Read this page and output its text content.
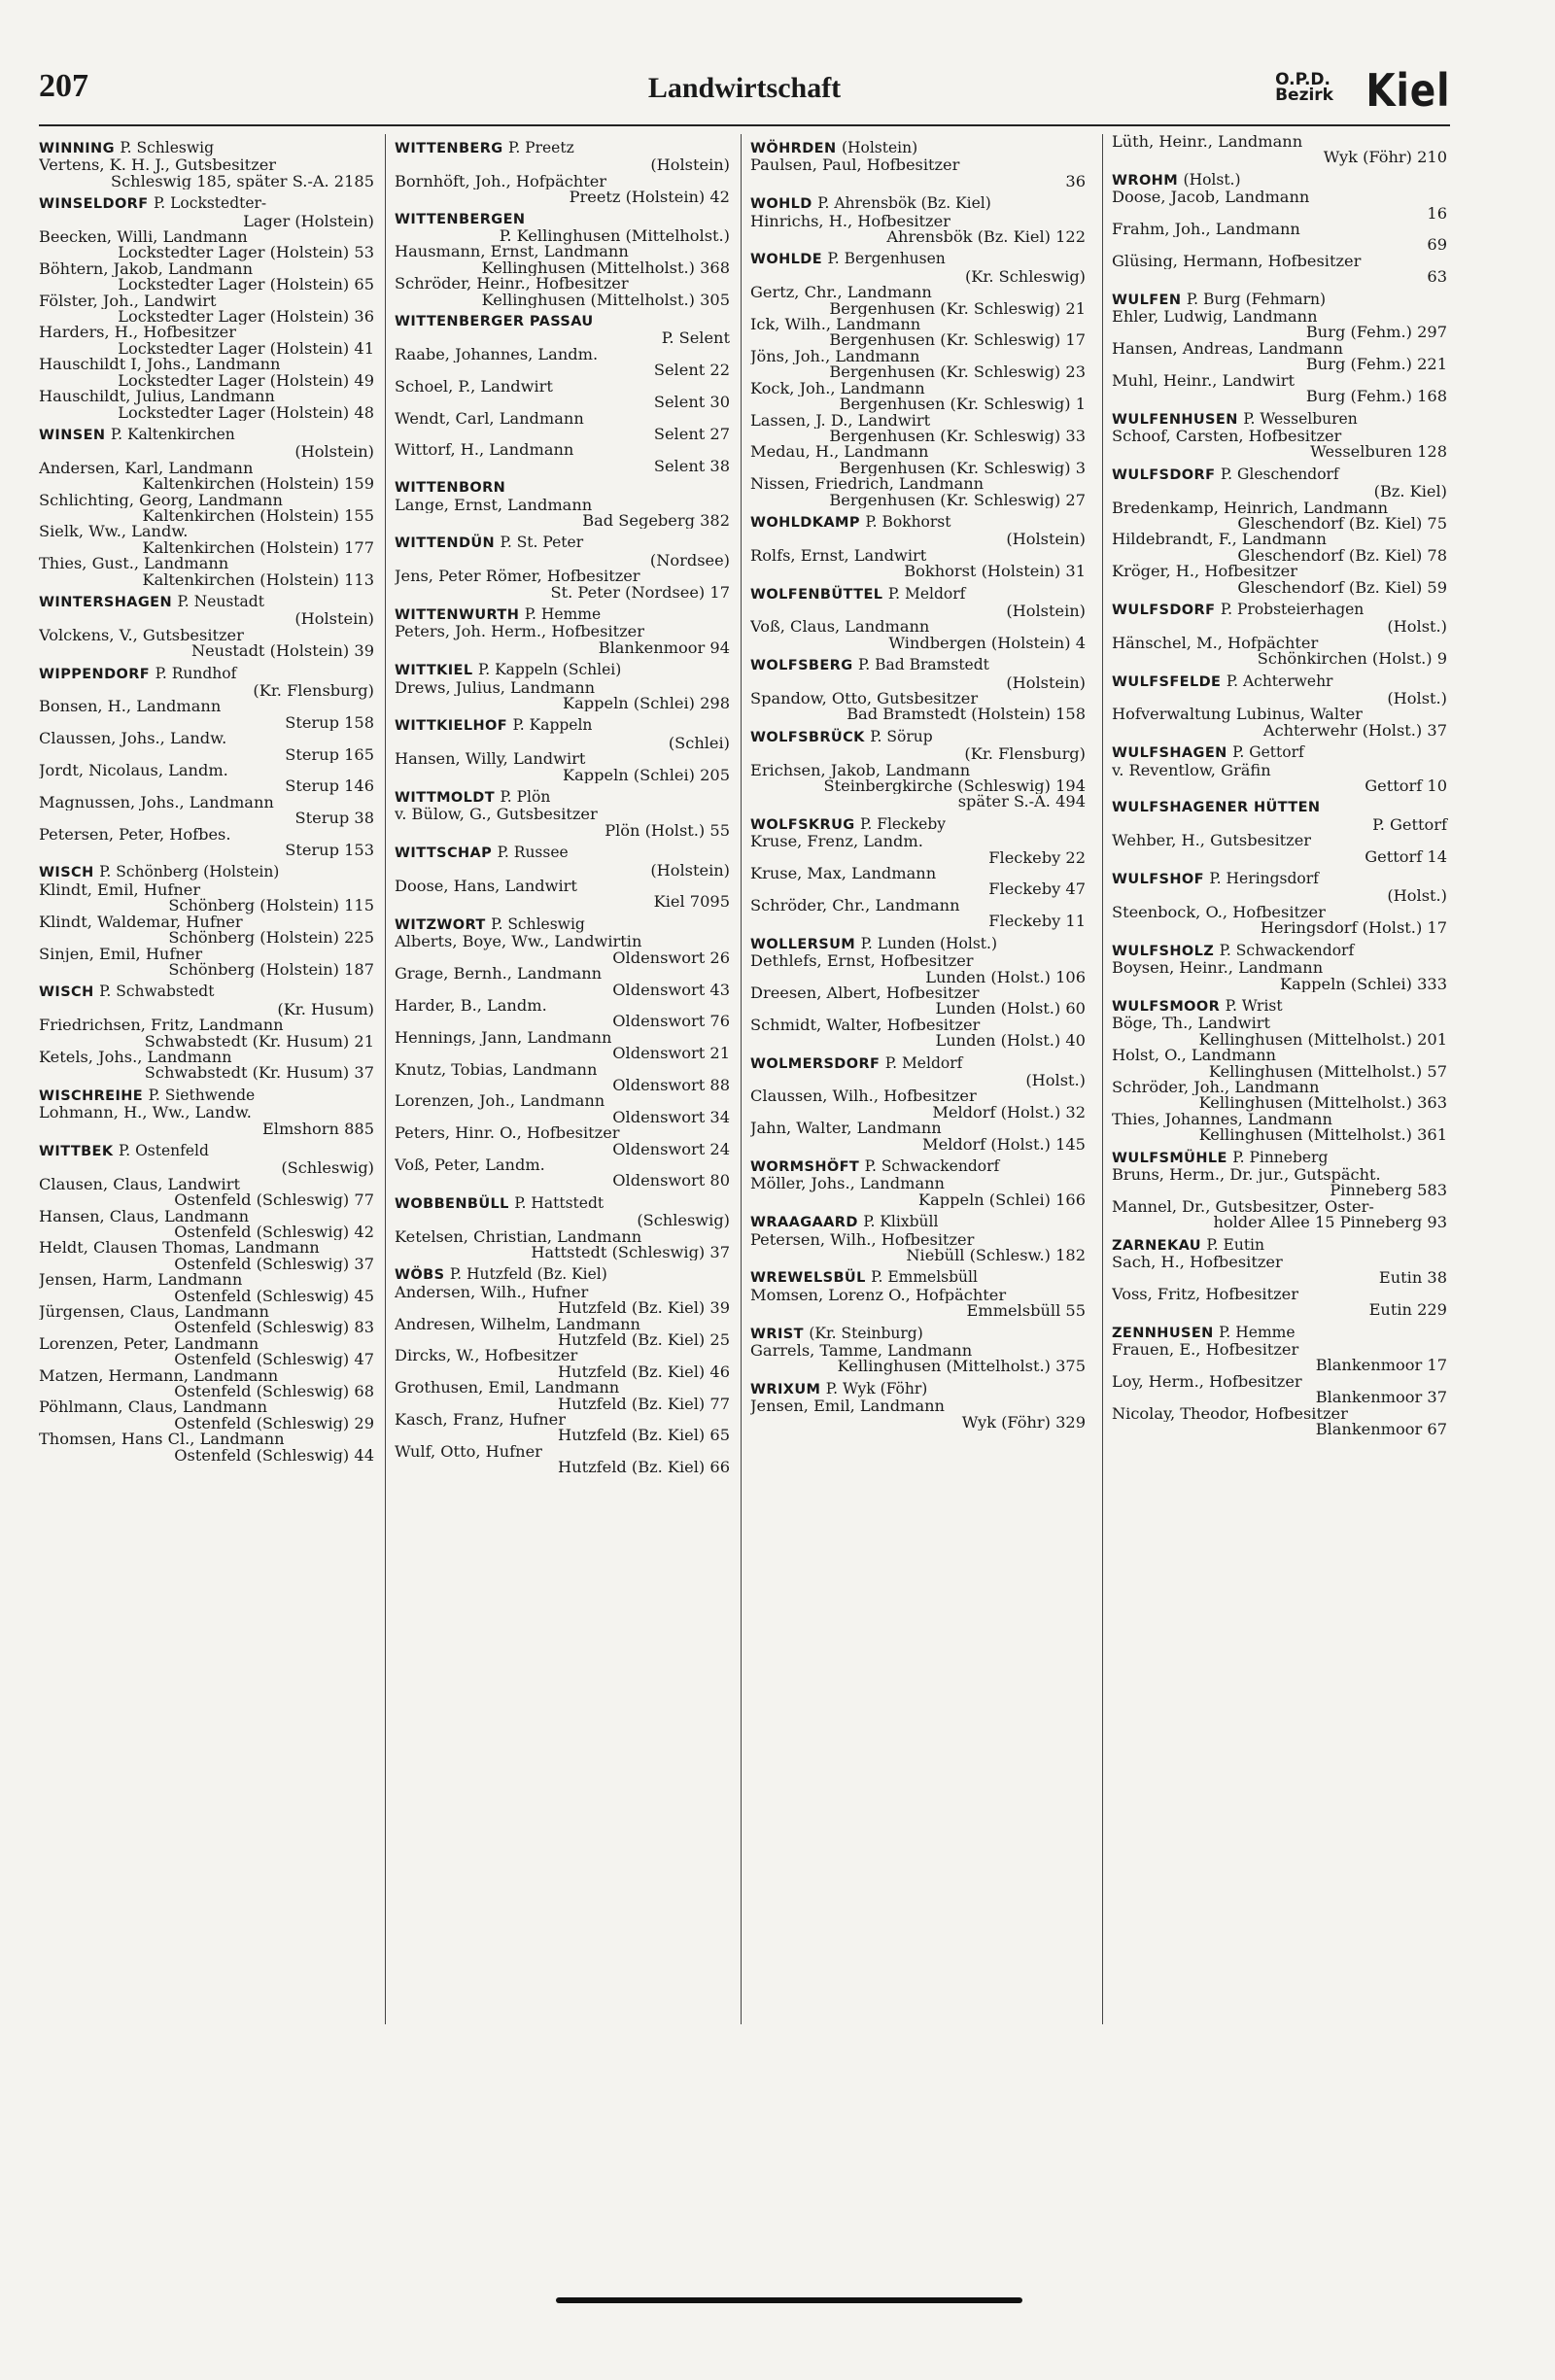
207	Landwirtschaft	O.P.D.
Bezirk Kiel
WINNING P. Schleswig
Vertens, K. H. J., Gutsbesitzer
Schleswig 185, später S.-A. 2185
WINSELDORF P. Lockstedter-
Lager (Holstein)
Beecken, Willi, Landmann
Lockstedter Lager (Holstein) 53
Böhtern, Jakob, Landmann
Lockstedter Lager (Holstein) 65
Fölster, Joh., Landwirt
Lockstedter Lager (Holstein) 36
Harders, H., Hofbesitzer
Lockstedter Lager (Holstein) 41
Hauschildt I, Johs., Landmann
Lockstedter Lager (Holstein) 49
Hauschildt, Julius, Landmann
Lockstedter Lager (Holstein) 48
WINSEN P. Kaltenkirchen
(Holstein)
Andersen, Karl, Landmann
Kaltenkirchen (Holstein) 159
Schlichting, Georg, Landmann
Kaltenkirchen (Holstein) 155
Sielk, Ww., Landw.
Kaltenkirchen (Holstein) 177
Thies, Gust., Landmann
Kaltenkirchen (Holstein) 113
WINTERSHAGEN P. Neustadt
(Holstein)
Volckens, V., Gutsbesitzer
Neustadt (Holstein) 39
WIPPENDORF P. Rundhof
(Kr. Flensburg)
Bonsen, H., Landmann
Sterup 158
Claussen, Johs., Landw.
Sterup 165
Jordt, Nicolaus, Landm.
Sterup 146
Magnussen, Johs., Landmann
Sterup 38
Petersen, Peter, Hofbes.
Sterup 153
WISCH P. Schönberg (Holstein)
Klindt, Emil, Hufner
Schönberg (Holstein) 115
Klindt, Waldemar, Hufner
Schönberg (Holstein) 225
Sinjen, Emil, Hufner
Schönberg (Holstein) 187
WISCH P. Schwabstedt
(Kr. Husum)
Friedrichsen, Fritz, Landmann
Schwabstedt (Kr. Husum) 21
Ketels, Johs., Landmann
Schwabstedt (Kr. Husum) 37
WISCHREIHE P. Siethwende
Lohmann, H., Ww., Landw.
Elmshorn 885
WITTBEK P. Ostenfeld
(Schleswig)
Clausen, Claus, Landwirt
Ostenfeld (Schleswig) 77
Hansen, Claus, Landmann
Ostenfeld (Schleswig) 42
Heldt, Clausen Thomas, Landmann
Ostenfeld (Schleswig) 37
Jensen, Harm, Landmann
Ostenfeld (Schleswig) 45
Jürgensen, Claus, Landmann
Ostenfeld (Schleswig) 83
Lorenzen, Peter, Landmann
Ostenfeld (Schleswig) 47
Matzen, Hermann, Landmann
Ostenfeld (Schleswig) 68
Pöhlmann, Claus, Landmann
Ostenfeld (Schleswig) 29
Thomsen, Hans Cl., Landmann
Ostenfeld (Schleswig) 44
WITTENBERG P. Preetz
(Holstein)
Bornhöft, Joh., Hofpächter
Preetz (Holstein) 42
WITTENBERGEN
P. Kellinghusen (Mittelholst.)
Hausmann, Ernst, Landmann
Kellinghusen (Mittelholst.) 368
Schröder, Heinr., Hofbesitzer
Kellinghusen (Mittelholst.) 305
WITTENBERGER PASSAU
P. Selent
Raabe, Johannes, Landm.
Selent 22
Schoel, P., Landwirt
Selent 30
Wendt, Carl, Landmann
Selent 27
Wittorf, H., Landmann
Selent 38
WITTENBORN
Lange, Ernst, Landmann
Bad Segeberg 382
WITTENDÜN P. St. Peter
(Nordsee)
Jens, Peter Römer, Hofbesitzer
St. Peter (Nordsee) 17
WITTENWURTH P. Hemme
Peters, Joh. Herm., Hofbesitzer
Blankenmoor 94
WITTKIEL P. Kappeln (Schlei)
Drews, Julius, Landmann
Kappeln (Schlei) 298
WITTKIELHOF P. Kappeln
(Schlei)
Hansen, Willy, Landwirt
Kappeln (Schlei) 205
WITTMOLDT P. Plön
v. Bülow, G., Gutsbesitzer
Plön (Holst.) 55
WITTSCHAP P. Russee
(Holstein)
Doose, Hans, Landwirt
Kiel 7095
WITZWORT P. Schleswig
Alberts, Boye, Ww., Landwirtin
Oldenswort 26
Grage, Bernh., Landmann
Oldenswort 43
Harder, B., Landm.
Oldenswort 76
Hennings, Jann, Landmann
Oldenswort 21
Knutz, Tobias, Landmann
Oldenswort 88
Lorenzen, Joh., Landmann
Oldenswort 34
Peters, Hinr. O., Hofbesitzer
Oldenswort 24
Voß, Peter, Landm.
Oldenswort 80
WOBBENBÜLL P. Hattstedt
(Schleswig)
Ketelsen, Christian, Landmann
Hattstedt (Schleswig) 37
WÖBS P. Hutzfeld (Bz. Kiel)
Andersen, Wilh., Hufner
Hutzfeld (Bz. Kiel) 39
Andresen, Wilhelm, Landmann
Hutzfeld (Bz. Kiel) 25
Dircks, W., Hofbesitzer
Hutzfeld (Bz. Kiel) 46
Grothusen, Emil, Landmann
Hutzfeld (Bz. Kiel) 77
Kasch, Franz, Hufner
Hutzfeld (Bz. Kiel) 65
Wulf, Otto, Hufner
Hutzfeld (Bz. Kiel) 66
WÖHRDEN (Holstein)
Paulsen, Paul, Hofbesitzer
36
WOHLD P. Ahrensbök (Bz. Kiel)
Hinrichs, H., Hofbesitzer
Ahrensbök (Bz. Kiel) 122
WOHLDE P. Bergenhusen
(Kr. Schleswig)
Gertz, Chr., Landmann
Bergenhusen (Kr. Schleswig) 21
Ick, Wilh., Landmann
Bergenhusen (Kr. Schleswig) 17
Jöns, Joh., Landmann
Bergenhusen (Kr. Schleswig) 23
Kock, Joh., Landmann
Bergenhusen (Kr. Schleswig) 1
Lassen, J. D., Landwirt
Bergenhusen (Kr. Schleswig) 33
Medau, H., Landmann
Bergenhusen (Kr. Schleswig) 3
Nissen, Friedrich, Landmann
Bergenhusen (Kr. Schleswig) 27
WOHLDKAMP P. Bokhorst
(Holstein)
Rolfs, Ernst, Landwirt
Bokhorst (Holstein) 31
WOLFENBÜTTEL P. Meldorf
(Holstein)
Voß, Claus, Landmann
Windbergen (Holstein) 4
WOLFSBERG P. Bad Bramstedt
(Holstein)
Spandow, Otto, Gutsbesitzer
Bad Bramstedt (Holstein) 158
WOLFSBRÜCK P. Sörup
(Kr. Flensburg)
Erichsen, Jakob, Landmann
Steinbergkirche (Schleswig) 194
später S.-A. 494
WOLFSKRUG P. Fleckeby
Kruse, Frenz, Landm.
Fleckeby 22
Kruse, Max, Landmann
Fleckeby 47
Schröder, Chr., Landmann
Fleckeby 11
WOLLERSUM P. Lunden (Holst.)
Dethlefs, Ernst, Hofbesitzer
Lunden (Holst.) 106
Dreesen, Albert, Hofbesitzer
Lunden (Holst.) 60
Schmidt, Walter, Hofbesitzer
Lunden (Holst.) 40
WOLMERSDORF P. Meldorf
(Holst.)
Claussen, Wilh., Hofbesitzer
Meldorf (Holst.) 32
Jahn, Walter, Landmann
Meldorf (Holst.) 145
WORMSHÖFT P. Schwackendorf
Möller, Johs., Landmann
Kappeln (Schlei) 166
WRAAGAARD P. Klixbüll
Petersen, Wilh., Hofbesitzer
Niebüll (Schlesw.) 182
WREWELSBÜL P. Emmelsbüll
Momsen, Lorenz O., Hofpächter
Emmelsbüll 55
WRIST (Kr. Steinburg)
Garrels, Tamme, Landmann
Kellinghusen (Mittelholst.) 375
WRIXUM P. Wyk (Föhr)
Jensen, Emil, Landmann
Wyk (Föhr) 329
Lüth, Heinr., Landmann
Wyk (Föhr) 210
WROHM (Holst.)
Doose, Jacob, Landmann
16
Frahm, Joh., Landmann
69
Glüsing, Hermann, Hofbesitzer
63
WULFEN P. Burg (Fehmarn)
Ehler, Ludwig, Landmann
Burg (Fehm.) 297
Hansen, Andreas, Landmann
Burg (Fehm.) 221
Muhl, Heinr., Landwirt
Burg (Fehm.) 168
WULFENHUSEN P. Wesselburen
Schoof, Carsten, Hofbesitzer
Wesselburen 128
WULFSDORF P. Gleschendorf
(Bz. Kiel)
Bredenkamp, Heinrich, Landmann
Gleschendorf (Bz. Kiel) 75
Hildebrandt, F., Landmann
Gleschendorf (Bz. Kiel) 78
Kröger, H., Hofbesitzer
Gleschendorf (Bz. Kiel) 59
WULFSDORF P. Probsteierhagen
(Holst.)
Hänschel, M., Hofpächter
Schönkirchen (Holst.) 9
WULFSFELDE P. Achterwehr
(Holst.)
Hofverwaltung Lubinus, Walter
Achterwehr (Holst.) 37
WULFSHAGEN P. Gettorf
v. Reventlow, Gräfin
Gettorf 10
WULFSHAGENER HÜTTEN
P. Gettorf
Wehber, H., Gutsbesitzer
Gettorf 14
WULFSHOF P. Heringsdorf
(Holst.)
Steenbock, O., Hofbesitzer
Heringsdorf (Holst.) 17
WULFSHOLZ P. Schwackendorf
Boysen, Heinr., Landmann
Kappeln (Schlei) 333
WULFSMOOR P. Wrist
Böge, Th., Landwirt
Kellinghusen (Mittelholst.) 201
Holst, O., Landmann
Kellinghusen (Mittelholst.) 57
Schröder, Joh., Landmann
Kellinghusen (Mittelholst.) 363
Thies, Johannes, Landmann
Kellinghusen (Mittelholst.) 361
WULFSMÜHLE P. Pinneberg
Bruns, Herm., Dr. jur., Gutspächt.
Pinneberg 583
Mannel, Dr., Gutsbesitzer, Oster-
holder Allee 15 Pinneberg 93
ZARNEKAU P. Eutin
Sach, H., Hofbesitzer
Eutin 38
Voss, Fritz, Hofbesitzer
Eutin 229
ZENNHUSEN P. Hemme
Frauen, E., Hofbesitzer
Blankenmoor 17
Loy, Herm., Hofbesitzer
Blankenmoor 37
Nicolay, Theodor, Hofbesitzer
Blankenmoor 67
